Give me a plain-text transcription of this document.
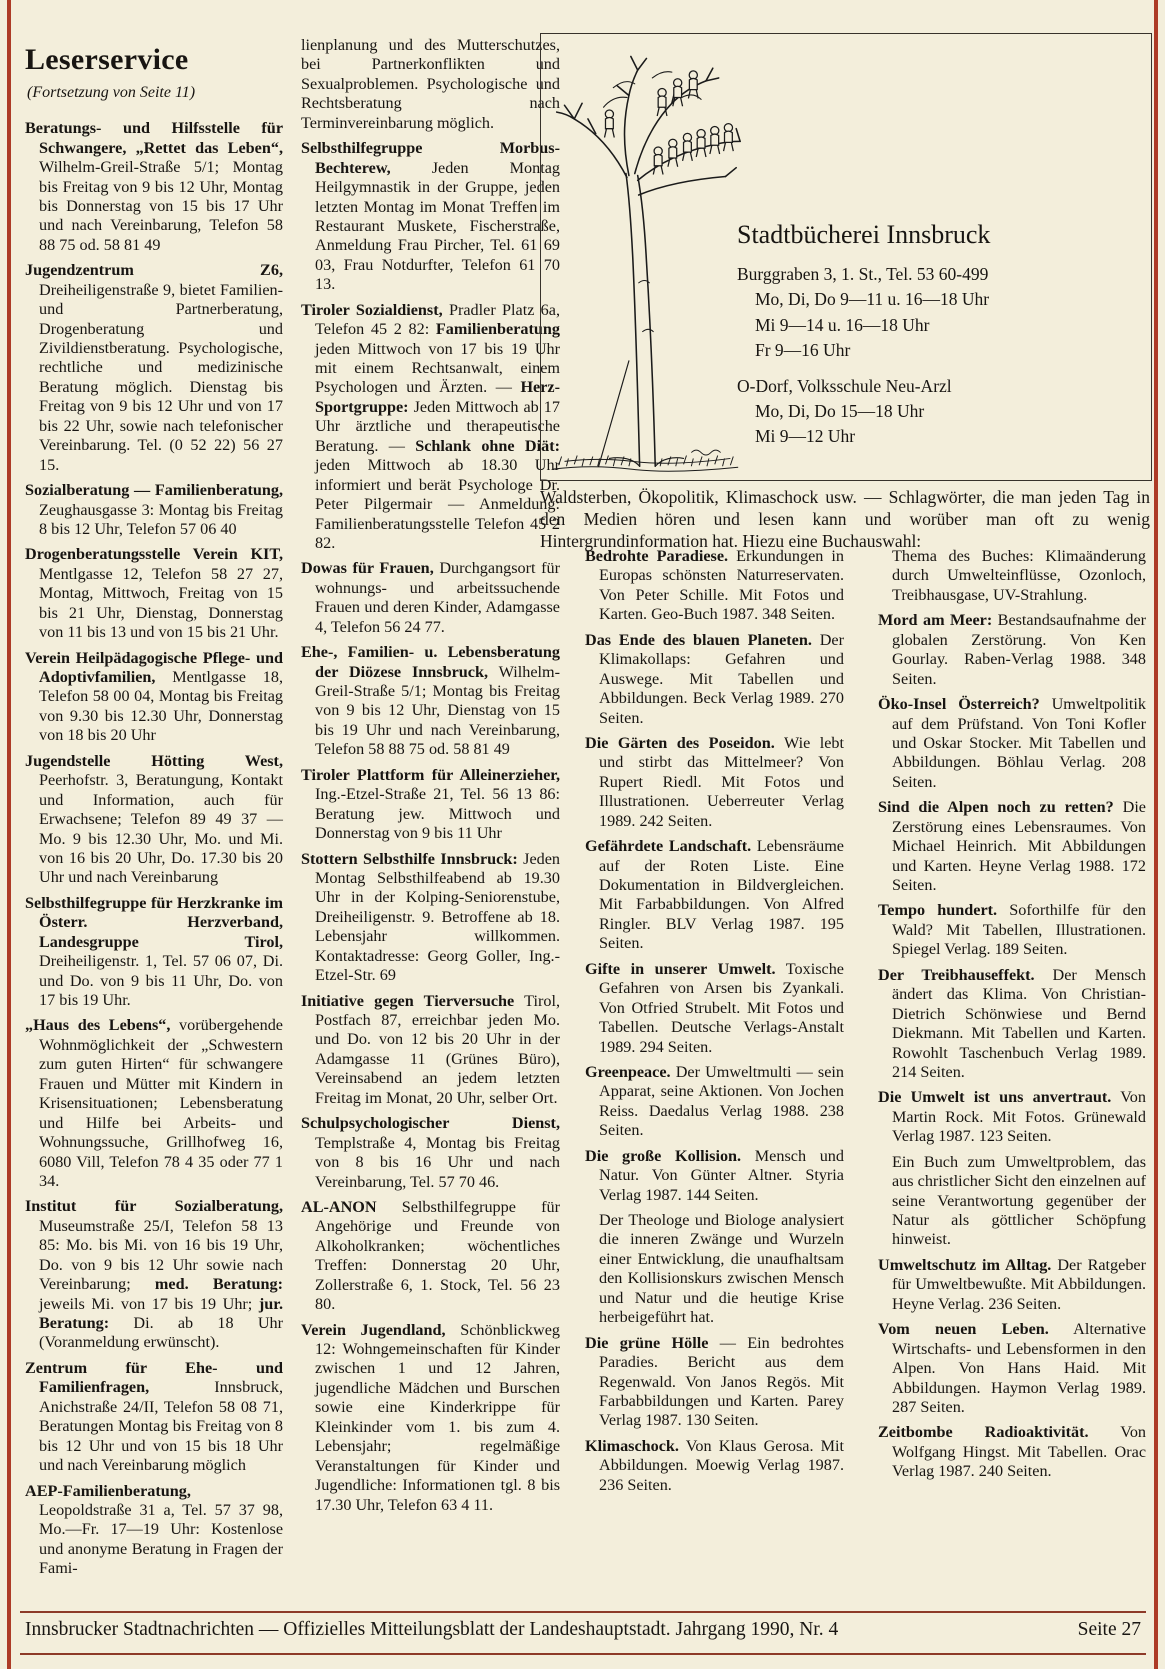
Leserservice
(Fortsetzung von Seite 11)

Beratungs- und Hilfsstelle für Schwangere, „Rettet das Leben“, Wilhelm-Greil-Straße 5/1; Montag bis Freitag von 9 bis 12 Uhr, Montag bis Donnerstag von 15 bis 17 Uhr und nach Vereinbarung, Telefon 58 88 75 od. 58 81 49

Jugendzentrum Z6, Dreiheiligenstraße 9, bietet Familien- und Partnerberatung, Drogenberatung und Zivildienstberatung. Psychologische, rechtliche und medizinische Beratung möglich. Dienstag bis Freitag von 9 bis 12 Uhr und von 17 bis 22 Uhr, sowie nach telefonischer Vereinbarung. Tel. (0 52 22) 56 27 15.

Sozialberatung — Familienberatung, Zeughausgasse 3: Montag bis Freitag 8 bis 12 Uhr, Telefon 57 06 40

Drogenberatungsstelle Verein KIT, Mentlgasse 12, Telefon 58 27 27, Montag, Mittwoch, Freitag von 15 bis 21 Uhr, Dienstag, Donnerstag von 11 bis 13 und von 15 bis 21 Uhr.

Verein Heilpädagogische Pflege- und Adoptivfamilien, Mentlgasse 18, Telefon 58 00 04, Montag bis Freitag von 9.30 bis 12.30 Uhr, Donnerstag von 18 bis 20 Uhr

Jugendstelle Hötting West, Peerhofstr. 3, Beratungung, Kontakt und Information, auch für Erwachsene; Telefon 89 49 37 — Mo. 9 bis 12.30 Uhr, Mo. und Mi. von 16 bis 20 Uhr, Do. 17.30 bis 20 Uhr und nach Vereinbarung

Selbsthilfegruppe für Herzkranke im Österr. Herzverband, Landesgruppe Tirol, Dreiheiligenstr. 1, Tel. 57 06 07, Di. und Do. von 9 bis 11 Uhr, Do. von 17 bis 19 Uhr.

„Haus des Lebens“, vorübergehende Wohnmöglichkeit der „Schwestern zum guten Hirten“ für schwangere Frauen und Mütter mit Kindern in Krisensituationen; Lebensberatung und Hilfe bei Arbeits- und Wohnungssuche, Grillhofweg 16, 6080 Vill, Telefon 78 4 35 oder 77 1 34.

Institut für Sozialberatung, Museumstraße 25/I, Telefon 58 13 85: Mo. bis Mi. von 16 bis 19 Uhr, Do. von 9 bis 12 Uhr sowie nach Vereinbarung; med. Beratung: jeweils Mi. von 17 bis 19 Uhr; jur. Beratung: Di. ab 18 Uhr (Voranmeldung erwünscht).

Zentrum für Ehe- und Familienfragen, Innsbruck, Anichstraße 24/II, Telefon 58 08 71, Beratungen Montag bis Freitag von 8 bis 12 Uhr und von 15 bis 18 Uhr und nach Vereinbarung möglich

AEP-Familienberatung, Leopoldstraße 31 a, Tel. 57 37 98, Mo.—Fr. 17—19 Uhr: Kostenlose und anonyme Beratung in Fragen der Fami-

lienplanung und des Mutterschutzes, bei Partnerkonflikten und Sexualproblemen. Psychologische und Rechtsberatung nach Terminvereinbarung möglich.

Selbsthilfegruppe Morbus-Bechterew, Jeden Montag Heilgymnastik in der Gruppe, jeden letzten Montag im Monat Treffen im Restaurant Muskete, Fischerstraße, Anmeldung Frau Pircher, Tel. 61 69 03, Frau Notdurfter, Telefon 61 70 13.

Tiroler Sozialdienst, Pradler Platz 6a, Telefon 45 2 82: Familienberatung jeden Mittwoch von 17 bis 19 Uhr mit einem Rechtsanwalt, einem Psychologen und Ärzten. — Herz-Sportgruppe: Jeden Mittwoch ab 17 Uhr ärztliche und therapeutische Beratung. — Schlank ohne Diät: jeden Mittwoch ab 18.30 Uhr informiert und berät Psychologe Dr. Peter Pilgermair — Anmeldung: Familienberatungsstelle Telefon 45 2 82.

Dowas für Frauen, Durchgangsort für wohnungs- und arbeitssuchende Frauen und deren Kinder, Adamgasse 4, Telefon 56 24 77.

Ehe-, Familien- u. Lebensberatung der Diözese Innsbruck, Wilhelm-Greil-Straße 5/1; Montag bis Freitag von 9 bis 12 Uhr, Dienstag von 15 bis 19 Uhr und nach Vereinbarung, Telefon 58 88 75 od. 58 81 49

Tiroler Plattform für Alleinerzieher, Ing.-Etzel-Straße 21, Tel. 56 13 86: Beratung jew. Mittwoch und Donnerstag von 9 bis 11 Uhr

Stottern Selbsthilfe Innsbruck: Jeden Montag Selbsthilfeabend ab 19.30 Uhr in der Kolping-Seniorenstube, Dreiheiligenstr. 9. Betroffene ab 18. Lebensjahr willkommen. Kontaktadresse: Georg Goller, Ing.-Etzel-Str. 69

Initiative gegen Tierversuche Tirol, Postfach 87, erreichbar jeden Mo. und Do. von 12 bis 20 Uhr in der Adamgasse 11 (Grünes Büro), Vereinsabend an jedem letzten Freitag im Monat, 20 Uhr, selber Ort.

Schulpsychologischer Dienst, Templstraße 4, Montag bis Freitag von 8 bis 16 Uhr und nach Vereinbarung, Tel. 57 70 46.

AL-ANON Selbsthilfegruppe für Angehörige und Freunde von Alkoholkranken; wöchentliches Treffen: Donnerstag 20 Uhr, Zollerstraße 6, 1. Stock, Tel. 56 23 80.

Verein Jugendland, Schönblickweg 12: Wohngemeinschaften für Kinder zwischen 1 und 12 Jahren, jugendliche Mädchen und Burschen sowie eine Kinderkrippe für Kleinkinder vom 1. bis zum 4. Lebensjahr; regelmäßige Veranstaltungen für Kinder und Jugendliche: Informationen tgl. 8 bis 17.30 Uhr, Telefon 63 4 11.

Stadtbücherei Innsbruck
Burggraben 3, 1. St., Tel. 53 60-499
Mo, Di, Do 9—11 u. 16—18 Uhr
Mi 9—14 u. 16—18 Uhr
Fr 9—16 Uhr
O-Dorf, Volksschule Neu-Arzl
Mo, Di, Do 15—18 Uhr
Mi 9—12 Uhr

Waldsterben, Ökopolitik, Klimaschock usw. — Schlagwörter, die man jeden Tag in den Medien hören und lesen kann und worüber man oft zu wenig Hintergrundinformation hat. Hiezu eine Buchauswahl:

Bedrohte Paradiese. Erkundungen in Europas schönsten Naturreservaten. Von Peter Schille. Mit Fotos und Karten. Geo-Buch 1987. 348 Seiten.

Das Ende des blauen Planeten. Der Klimakollaps: Gefahren und Auswege. Mit Tabellen und Abbildungen. Beck Verlag 1989. 270 Seiten.

Die Gärten des Poseidon. Wie lebt und stirbt das Mittelmeer? Von Rupert Riedl. Mit Fotos und Illustrationen. Ueberreuter Verlag 1989. 242 Seiten.

Gefährdete Landschaft. Lebensräume auf der Roten Liste. Eine Dokumentation in Bildvergleichen. Mit Farbabbildungen. Von Alfred Ringler. BLV Verlag 1987. 195 Seiten.

Gifte in unserer Umwelt. Toxische Gefahren von Arsen bis Zyankali. Von Otfried Strubelt. Mit Fotos und Tabellen. Deutsche Verlags-Anstalt 1989. 294 Seiten.

Greenpeace. Der Umweltmulti — sein Apparat, seine Aktionen. Von Jochen Reiss. Daedalus Verlag 1988. 238 Seiten.

Die große Kollision. Mensch und Natur. Von Günter Altner. Styria Verlag 1987. 144 Seiten.

Der Theologe und Biologe analysiert die inneren Zwänge und Wurzeln einer Entwicklung, die unaufhaltsam den Kollisionskurs zwischen Mensch und Natur und die heutige Krise herbeigeführt hat.

Die grüne Hölle — Ein bedrohtes Paradies. Bericht aus dem Regenwald. Von Janos Regös. Mit Farbabbildungen und Karten. Parey Verlag 1987. 130 Seiten.

Klimaschock. Von Klaus Gerosa. Mit Abbildungen. Moewig Verlag 1987. 236 Seiten.

Thema des Buches: Klimaänderung durch Umwelteinflüsse, Ozonloch, Treibhausgase, UV-Strahlung.

Mord am Meer: Bestandsaufnahme der globalen Zerstörung. Von Ken Gourlay. Raben-Verlag 1988. 348 Seiten.

Öko-Insel Österreich? Umweltpolitik auf dem Prüfstand. Von Toni Kofler und Oskar Stocker. Mit Tabellen und Abbildungen. Böhlau Verlag. 208 Seiten.

Sind die Alpen noch zu retten? Die Zerstörung eines Lebensraumes. Von Michael Heinrich. Mit Abbildungen und Karten. Heyne Verlag 1988. 172 Seiten.

Tempo hundert. Soforthilfe für den Wald? Mit Tabellen, Illustrationen. Spiegel Verlag. 189 Seiten.

Der Treibhauseffekt. Der Mensch ändert das Klima. Von Christian-Dietrich Schönwiese und Bernd Diekmann. Mit Tabellen und Karten. Rowohlt Taschenbuch Verlag 1989. 214 Seiten.

Die Umwelt ist uns anvertraut. Von Martin Rock. Mit Fotos. Grünewald Verlag 1987. 123 Seiten.

Ein Buch zum Umweltproblem, das aus christlicher Sicht den einzelnen auf seine Verantwortung gegenüber der Natur als göttlicher Schöpfung hinweist.

Umweltschutz im Alltag. Der Ratgeber für Umweltbewußte. Mit Abbildungen. Heyne Verlag. 236 Seiten.

Vom neuen Leben. Alternative Wirtschafts- und Lebensformen in den Alpen. Von Hans Haid. Mit Abbildungen. Haymon Verlag 1989. 287 Seiten.

Zeitbombe Radioaktivität. Von Wolfgang Hingst. Mit Tabellen. Orac Verlag 1987. 240 Seiten.

Innsbrucker Stadtnachrichten — Offizielles Mitteilungsblatt der Landeshauptstadt. Jahrgang 1990, Nr. 4	Seite 27
